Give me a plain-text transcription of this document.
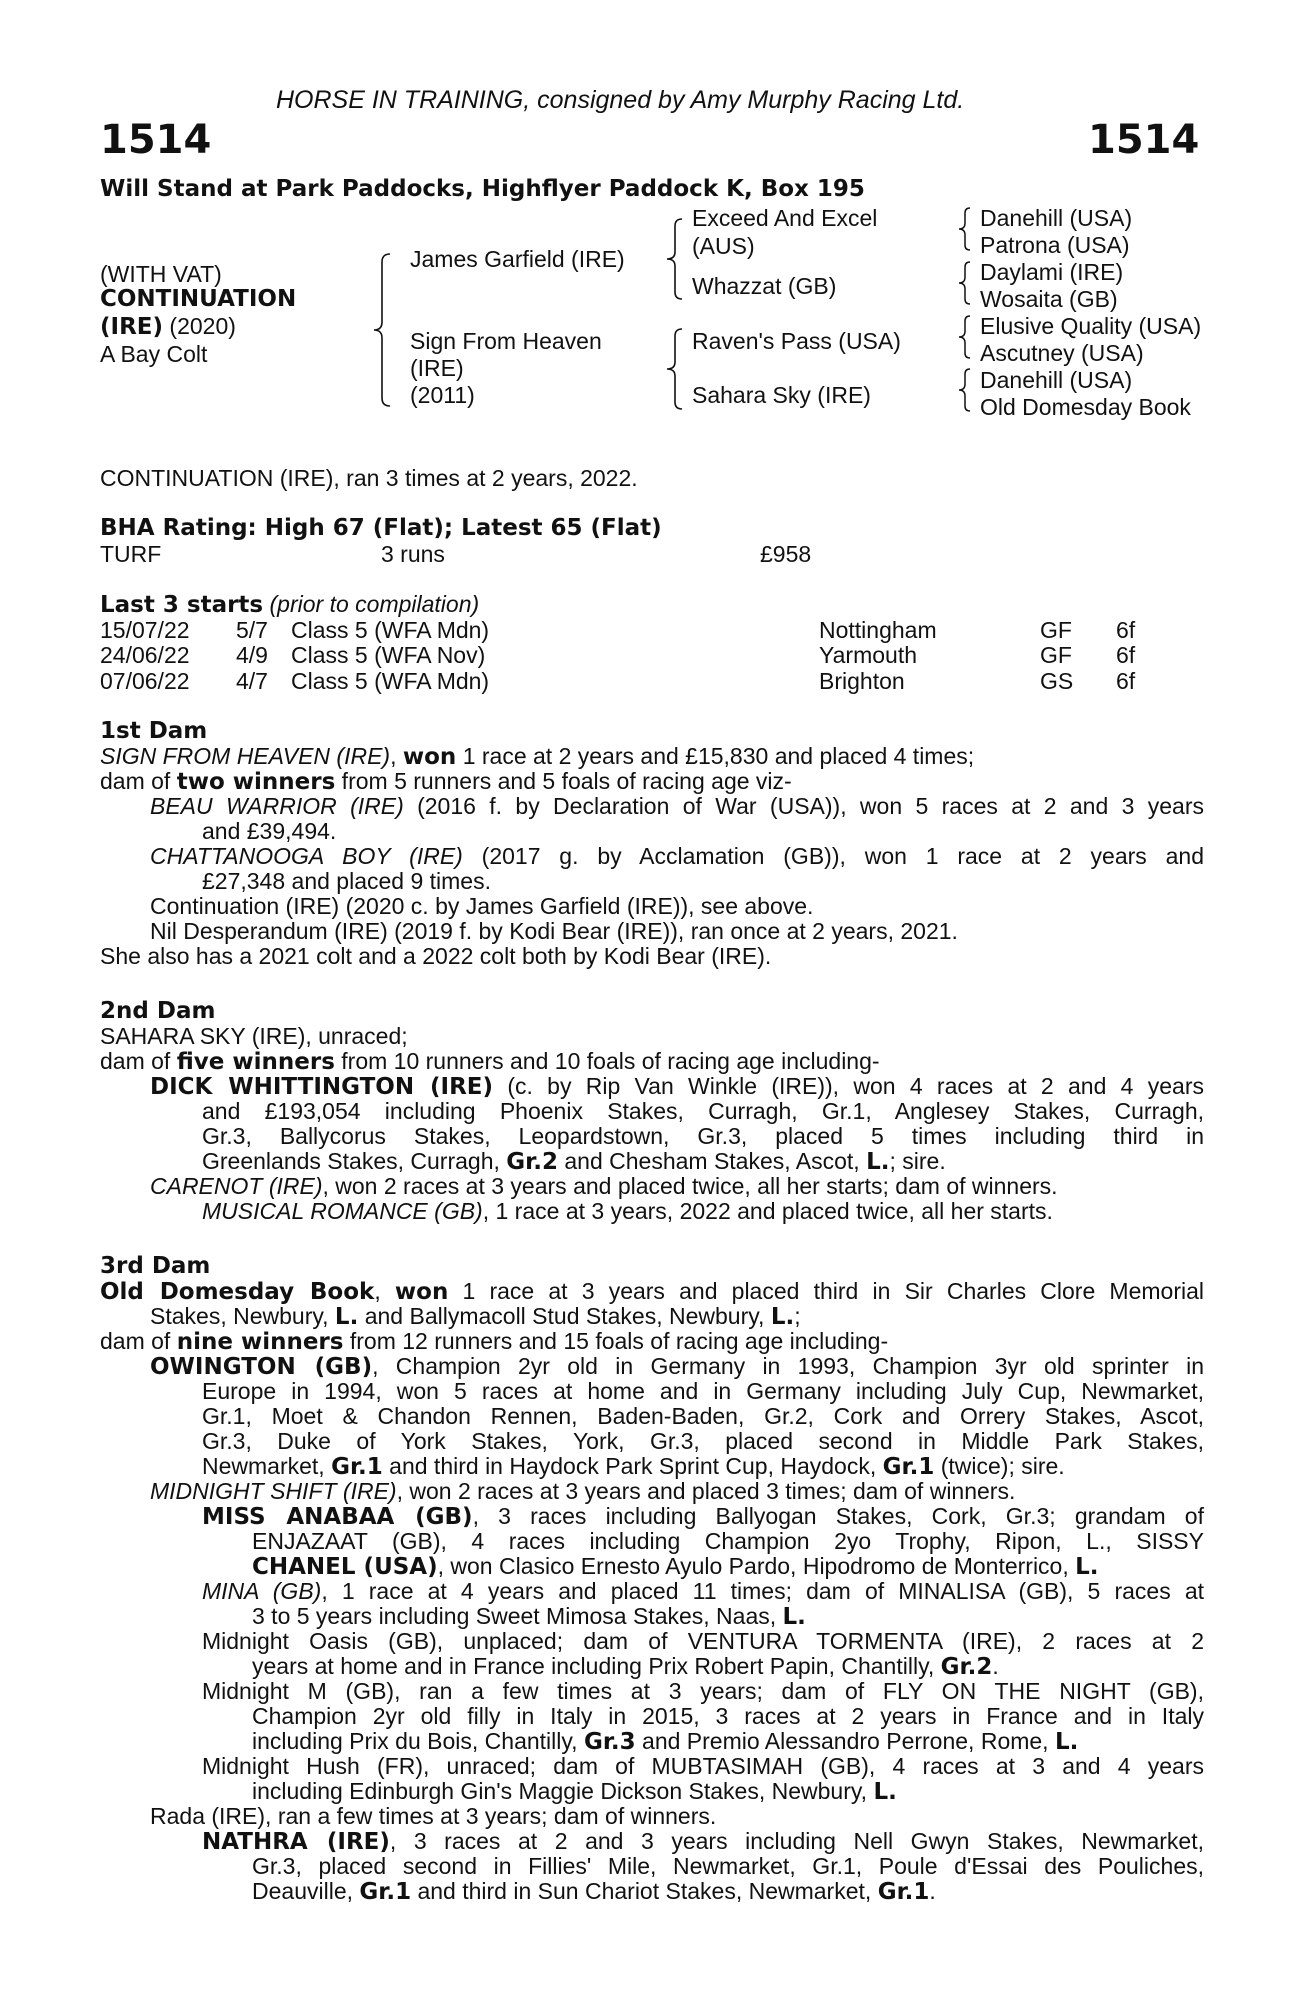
HORSE IN TRAINING, consigned by Amy Murphy Racing Ltd.
1514	1514
Will Stand at Park Paddocks, Highflyer Paddock K, Box 195
(WITH VAT)
CONTINUATION
(IRE) (2020)
A Bay Colt
James Garfield (IRE)
Sign From Heaven
(IRE)
(2011)
Exceed And Excel
(AUS)
Whazzat (GB)
Raven's Pass (USA)
Sahara Sky (IRE)
Danehill (USA)
Patrona (USA)
Daylami (IRE)
Wosaita (GB)
Elusive Quality (USA)
Ascutney (USA)
Danehill (USA)
Old Domesday Book
CONTINUATION (IRE), ran 3 times at 2 years, 2022.
BHA Rating: High 67 (Flat); Latest 65 (Flat)
TURF	3 runs	£958
Last 3 starts (prior to compilation)
15/07/22 5/7 Class 5 (WFA Mdn)	Nottingham	GF 6f
24/06/22 4/9 Class 5 (WFA Nov)	Yarmouth	GF 6f
07/06/22 4/7 Class 5 (WFA Mdn)	Brighton	GS 6f
1st Dam
SIGN FROM HEAVEN (IRE), won 1 race at 2 years and £15,830 and placed 4 times;
dam of two winners from 5 runners and 5 foals of racing age viz-
BEAU WARRIOR (IRE) (2016 f. by Declaration of War (USA)), won 5 races at 2 and 3 years
and £39,494.
CHATTANOOGA BOY (IRE) (2017 g. by Acclamation (GB)), won 1 race at 2 years and
£27,348 and placed 9 times.
Continuation (IRE) (2020 c. by James Garfield (IRE)), see above.
Nil Desperandum (IRE) (2019 f. by Kodi Bear (IRE)), ran once at 2 years, 2021.
She also has a 2021 colt and a 2022 colt both by Kodi Bear (IRE).
2nd Dam
SAHARA SKY (IRE), unraced;
dam of five winners from 10 runners and 10 foals of racing age including-
DICK WHITTINGTON (IRE) (c. by Rip Van Winkle (IRE)), won 4 races at 2 and 4 years
and £193,054 including Phoenix Stakes, Curragh, Gr.1, Anglesey Stakes, Curragh,
Gr.3, Ballycorus Stakes, Leopardstown, Gr.3, placed 5 times including third in
Greenlands Stakes, Curragh, Gr.2 and Chesham Stakes, Ascot, L.; sire.
CARENOT (IRE), won 2 races at 3 years and placed twice, all her starts; dam of winners.
MUSICAL ROMANCE (GB), 1 race at 3 years, 2022 and placed twice, all her starts.
3rd Dam
Old Domesday Book, won 1 race at 3 years and placed third in Sir Charles Clore Memorial
Stakes, Newbury, L. and Ballymacoll Stud Stakes, Newbury, L.;
dam of nine winners from 12 runners and 15 foals of racing age including-
OWINGTON (GB), Champion 2yr old in Germany in 1993, Champion 3yr old sprinter in
Europe in 1994, won 5 races at home and in Germany including July Cup, Newmarket,
Gr.1, Moet & Chandon Rennen, Baden-Baden, Gr.2, Cork and Orrery Stakes, Ascot,
Gr.3, Duke of York Stakes, York, Gr.3, placed second in Middle Park Stakes,
Newmarket, Gr.1 and third in Haydock Park Sprint Cup, Haydock, Gr.1 (twice); sire.
MIDNIGHT SHIFT (IRE), won 2 races at 3 years and placed 3 times; dam of winners.
MISS ANABAA (GB), 3 races including Ballyogan Stakes, Cork, Gr.3; grandam of
ENJAZAAT (GB), 4 races including Champion 2yo Trophy, Ripon, L., SISSY
CHANEL (USA), won Clasico Ernesto Ayulo Pardo, Hipodromo de Monterrico, L.
MINA (GB), 1 race at 4 years and placed 11 times; dam of MINALISA (GB), 5 races at
3 to 5 years including Sweet Mimosa Stakes, Naas, L.
Midnight Oasis (GB), unplaced; dam of VENTURA TORMENTA (IRE), 2 races at 2
years at home and in France including Prix Robert Papin, Chantilly, Gr.2.
Midnight M (GB), ran a few times at 3 years; dam of FLY ON THE NIGHT (GB),
Champion 2yr old filly in Italy in 2015, 3 races at 2 years in France and in Italy
including Prix du Bois, Chantilly, Gr.3 and Premio Alessandro Perrone, Rome, L.
Midnight Hush (FR), unraced; dam of MUBTASIMAH (GB), 4 races at 3 and 4 years
including Edinburgh Gin's Maggie Dickson Stakes, Newbury, L.
Rada (IRE), ran a few times at 3 years; dam of winners.
NATHRA (IRE), 3 races at 2 and 3 years including Nell Gwyn Stakes, Newmarket,
Gr.3, placed second in Fillies' Mile, Newmarket, Gr.1, Poule d'Essai des Pouliches,
Deauville, Gr.1 and third in Sun Chariot Stakes, Newmarket, Gr.1.
